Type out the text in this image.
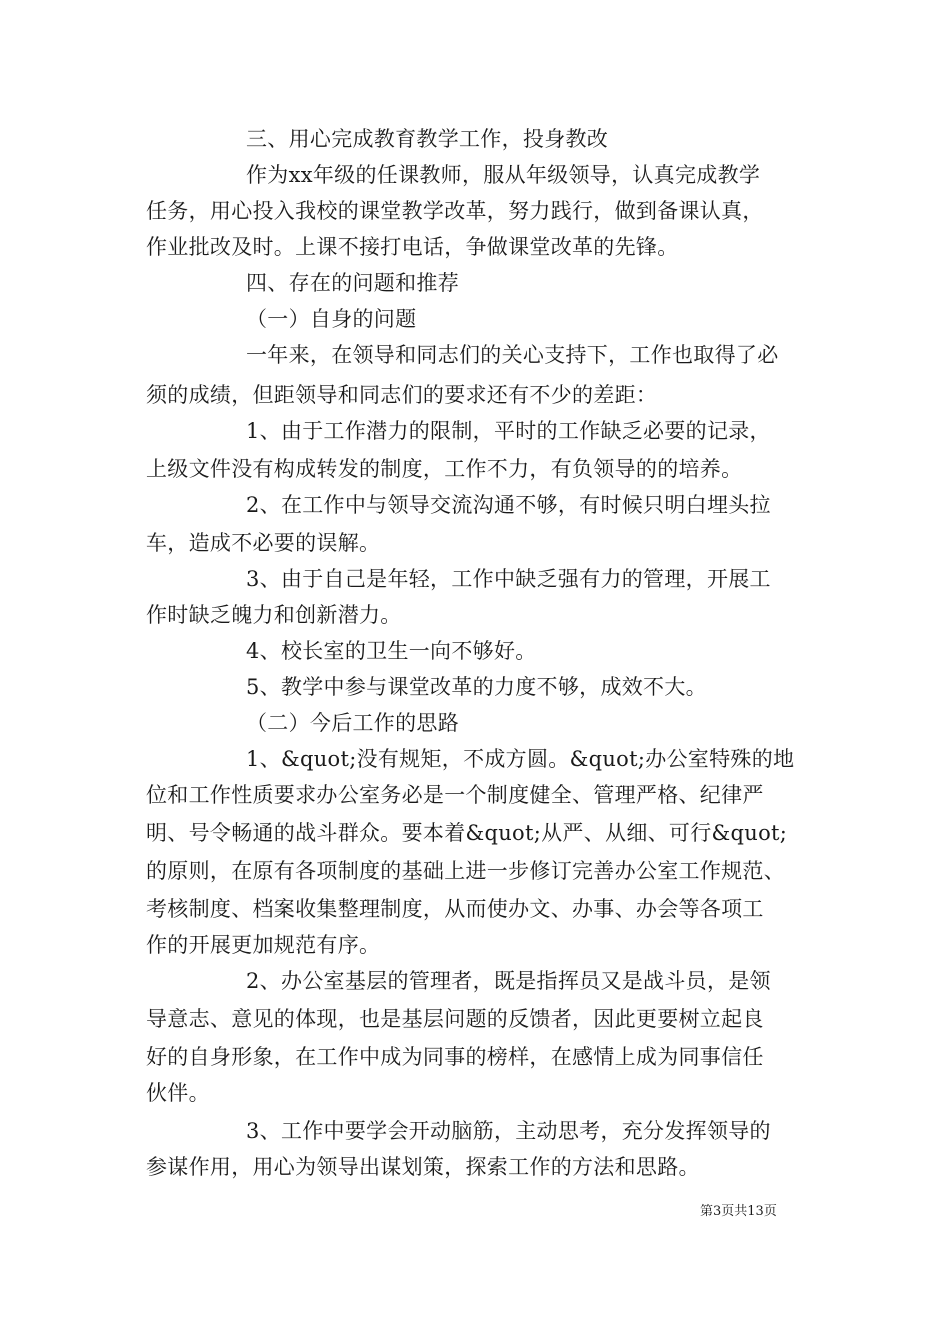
三、用心完成教育教学工作，投身教改
作为xx年级的任课教师，服从年级领导，认真完成教学
任务，用心投入我校的课堂教学改革，努力践行，做到备课认真，
作业批改及时。上课不接打电话，争做课堂改革的先锋。
四、存在的问题和推荐
（一）自身的问题
一年来，在领导和同志们的关心支持下，工作也取得了必
须的成绩，但距领导和同志们的要求还有不少的差距：
1、由于工作潜力的限制，平时的工作缺乏必要的记录，
上级文件没有构成转发的制度，工作不力，有负领导的的培养。
2、在工作中与领导交流沟通不够，有时候只明白埋头拉
车，造成不必要的误解。
3、由于自己是年轻，工作中缺乏强有力的管理，开展工
作时缺乏魄力和创新潜力。
4、校长室的卫生一向不够好。
5、教学中参与课堂改革的力度不够，成效不大。
（二）今后工作的思路
1、&quot;没有规矩，不成方圆。&quot;办公室特殊的地
位和工作性质要求办公室务必是一个制度健全、管理严格、纪律严
明、号令畅通的战斗群众。要本着&quot;从严、从细、可行&quot;
的原则，在原有各项制度的基础上进一步修订完善办公室工作规范、
考核制度、档案收集整理制度，从而使办文、办事、办会等各项工
作的开展更加规范有序。
2、办公室基层的管理者，既是指挥员又是战斗员，是领
导意志、意见的体现，也是基层问题的反馈者，因此更要树立起良
好的自身形象，在工作中成为同事的榜样，在感情上成为同事信任
伙伴。
3、工作中要学会开动脑筋，主动思考，充分发挥领导的
参谋作用，用心为领导出谋划策，探索工作的方法和思路。
第3页共13页
